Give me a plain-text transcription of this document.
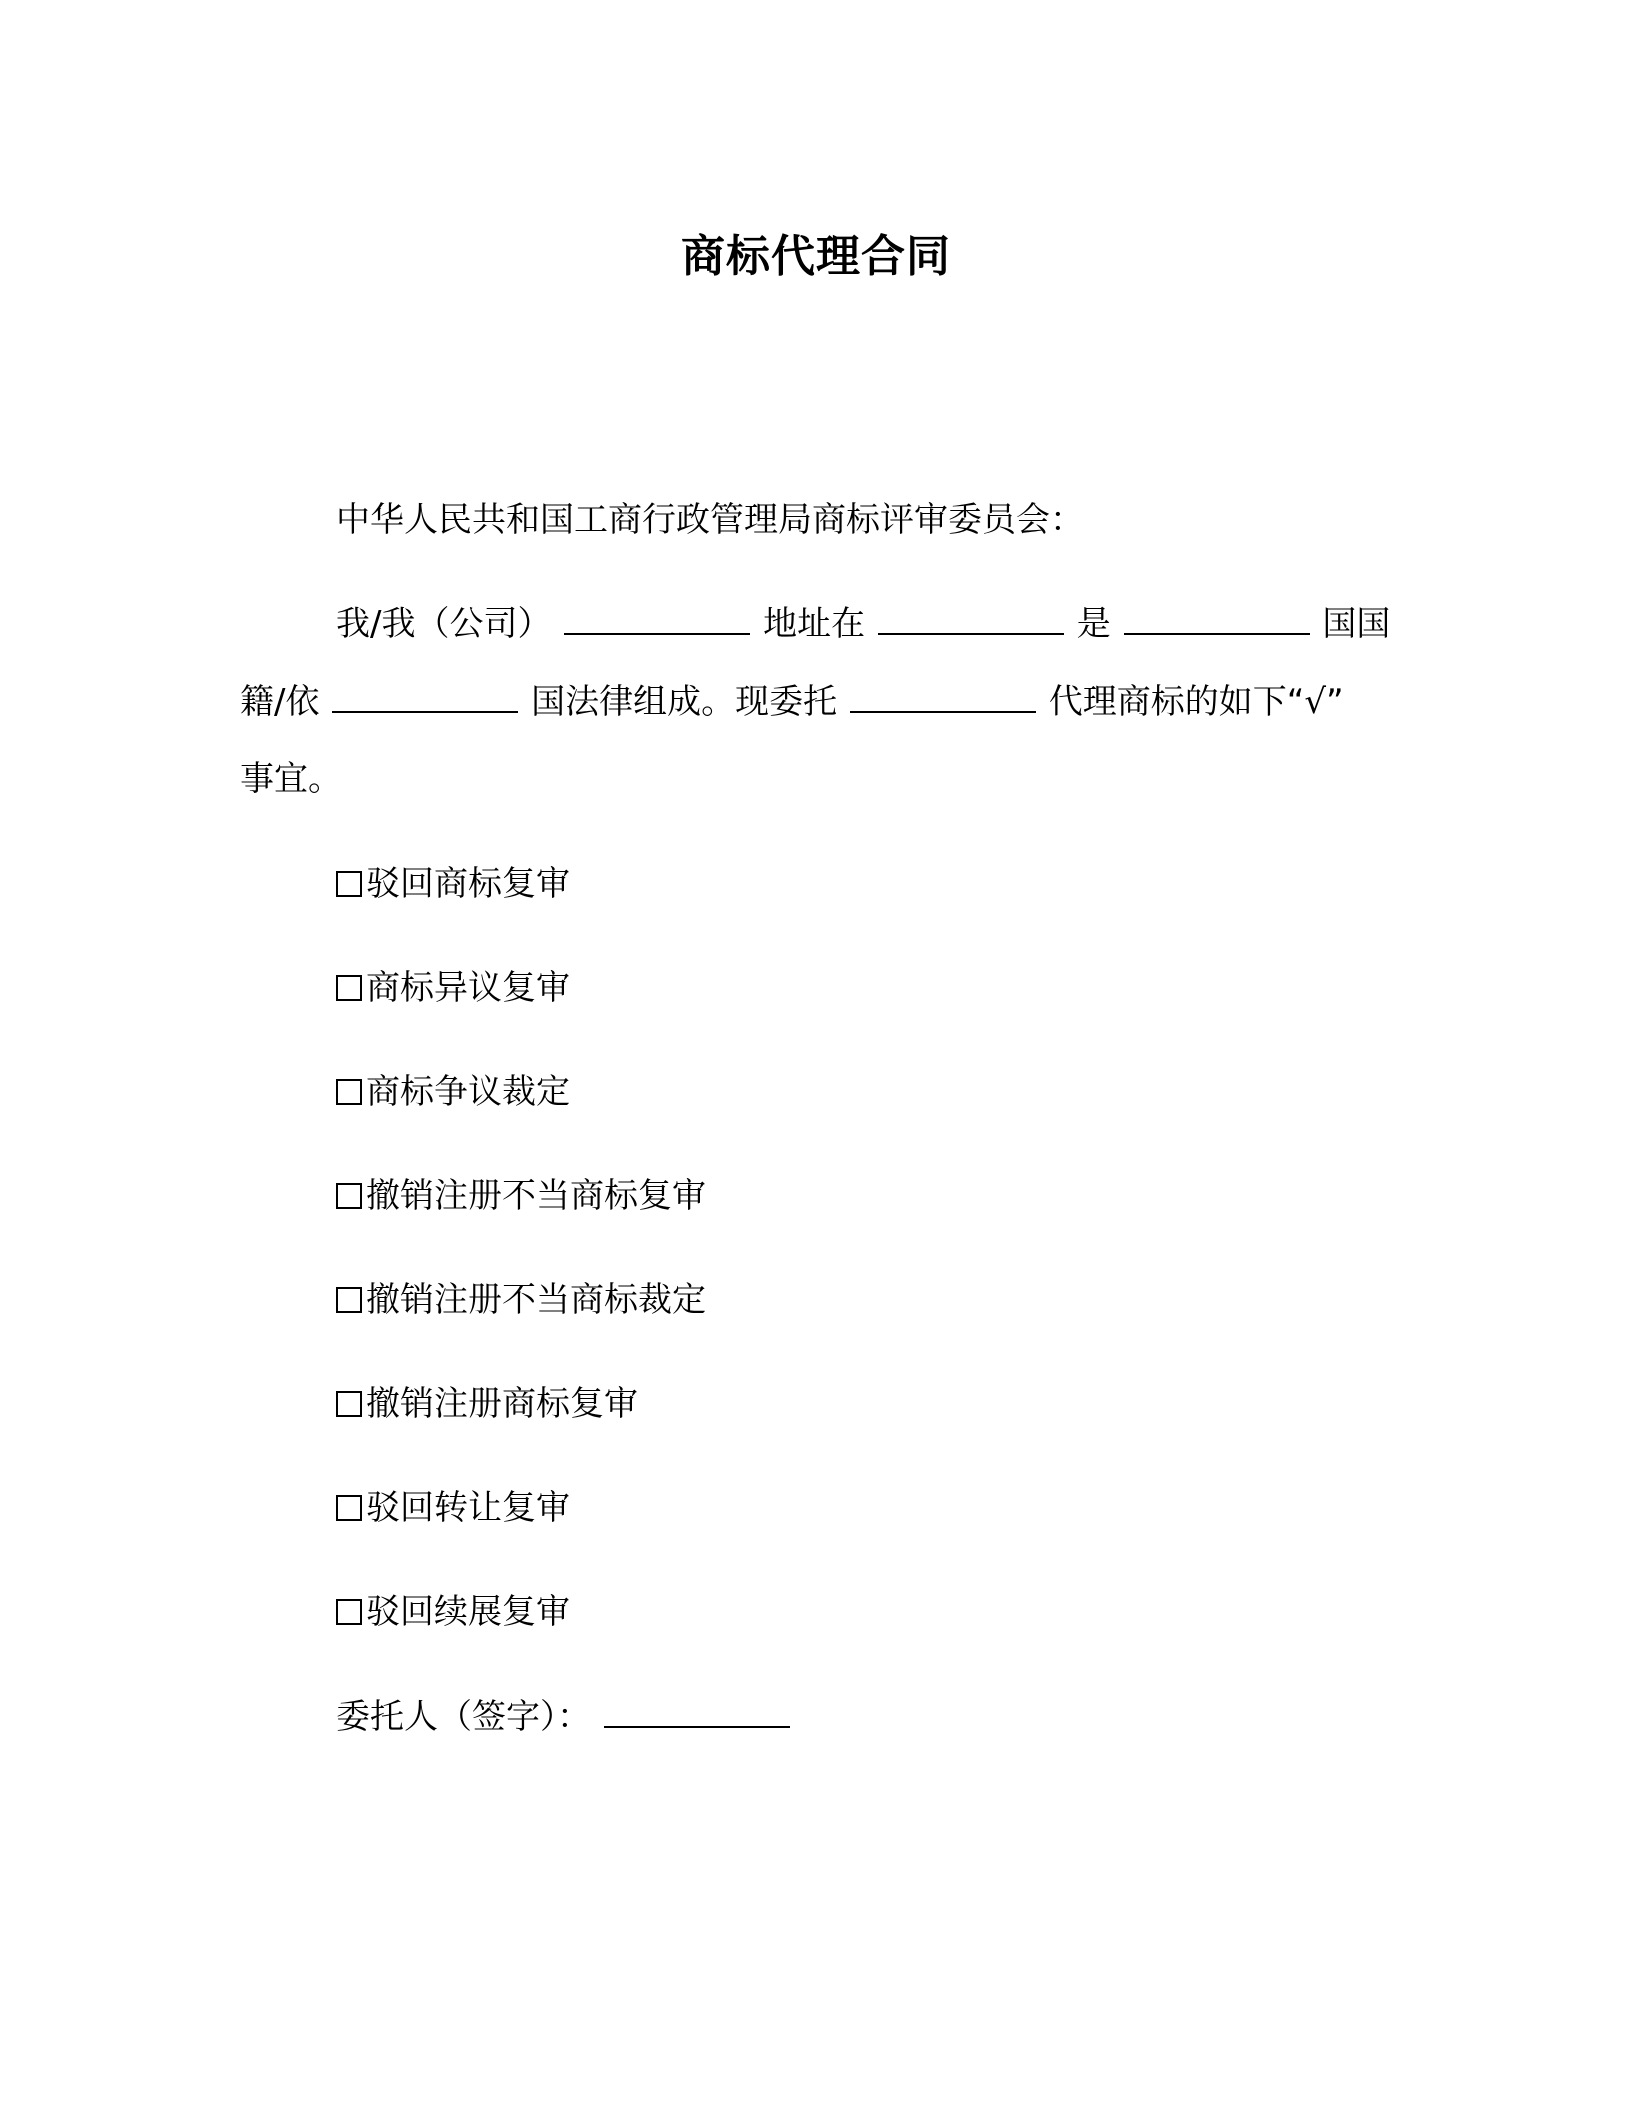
商标代理合同
中华人民共和国工商行政管理局商标评审委员会：
我/我（公司）	地址在	是	国国
籍/依	国法律组成。现委托	代理商标的如下“√”
事宜。
驳回商标复审
商标异议复审
商标争议裁定
撤销注册不当商标复审
撤销注册不当商标裁定
撤销注册商标复审
驳回转让复审
驳回续展复审
委托人（签字）：
